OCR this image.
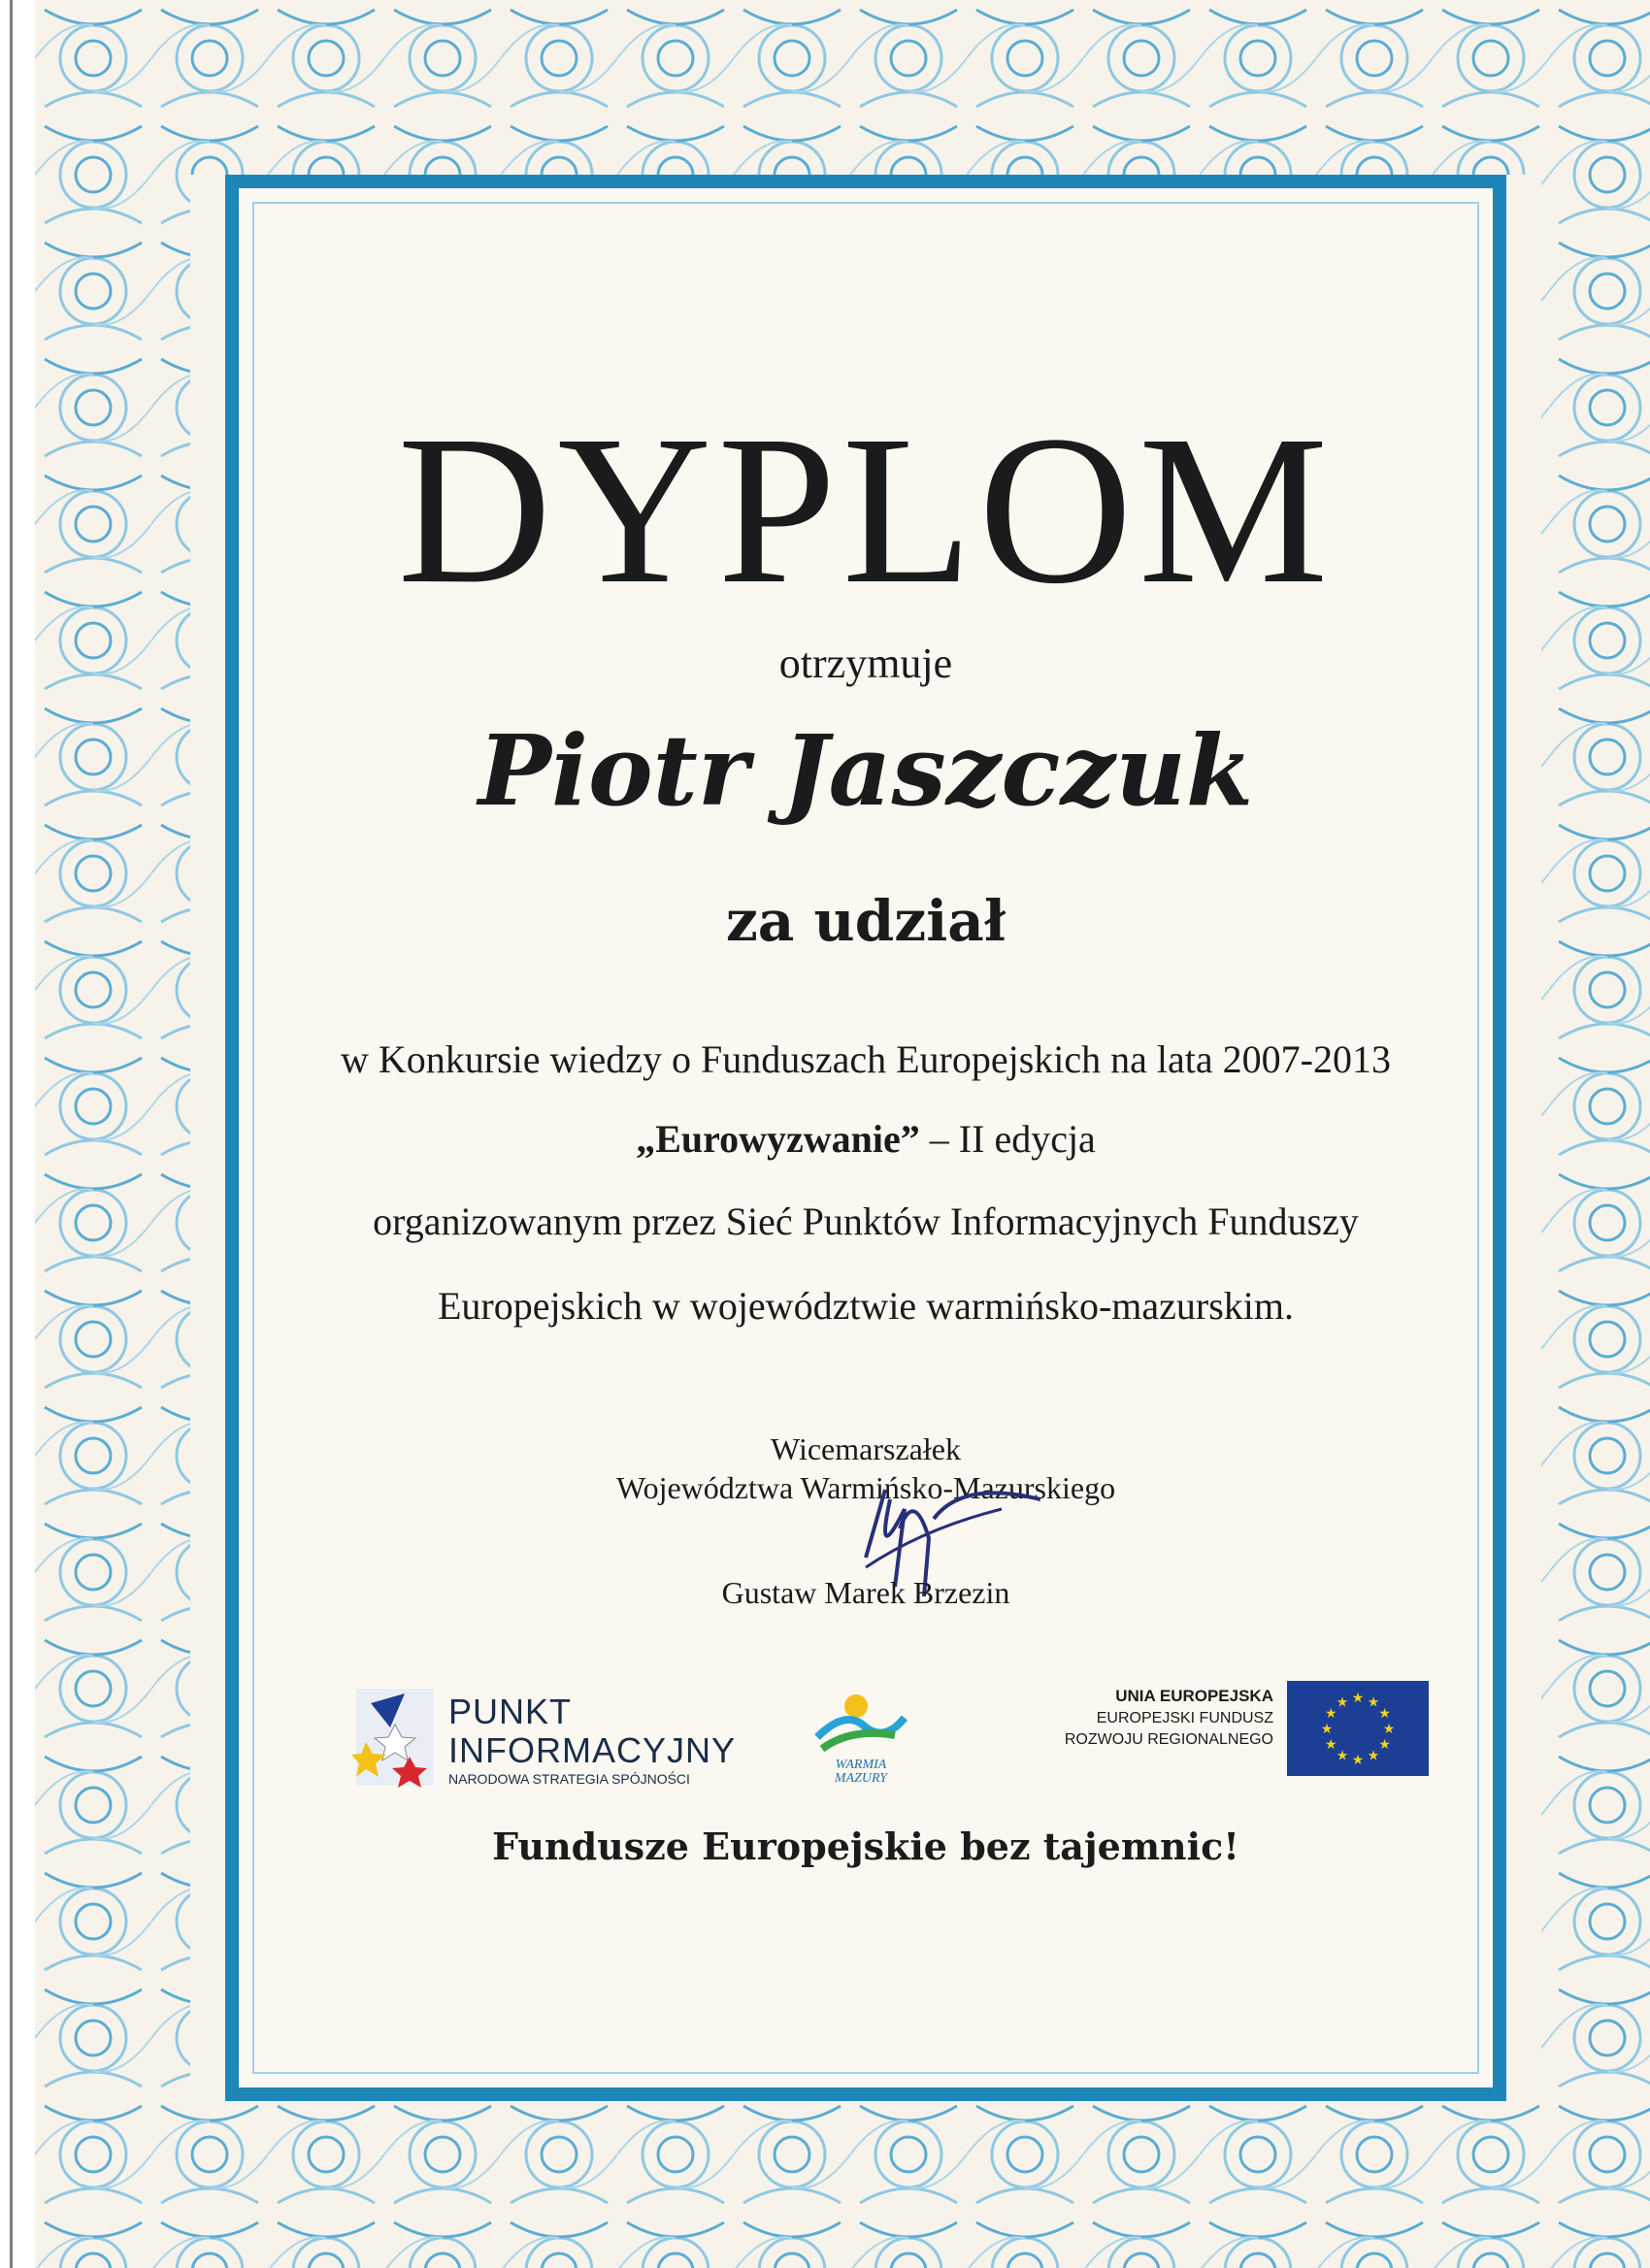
DYPLOM
otrzymuje
Piotr Jaszczuk
za udział
w Konkursie wiedzy o Funduszach Europejskich na lata 2007-2013
„Eurowyzwanie” – II edycja
organizowanym przez Sieć Punktów Informacyjnych Funduszy
Europejskich w województwie warmińsko-mazurskim.
Wicemarszałek
Województwa Warmińsko-Mazurskiego
Gustaw Marek Brzezin
PUNKT
INFORMACYJNY
NARODOWA STRATEGIA SPÓJNOŚCI
WARMIA
MAZURY
UNIA EUROPEJSKA
EUROPEJSKI FUNDUSZ
ROZWOJU REGIONALNEGO
★
★
★
★
★
★
★
★
★ ★ ★
★
Fundusze Europejskie bez tajemnic!
